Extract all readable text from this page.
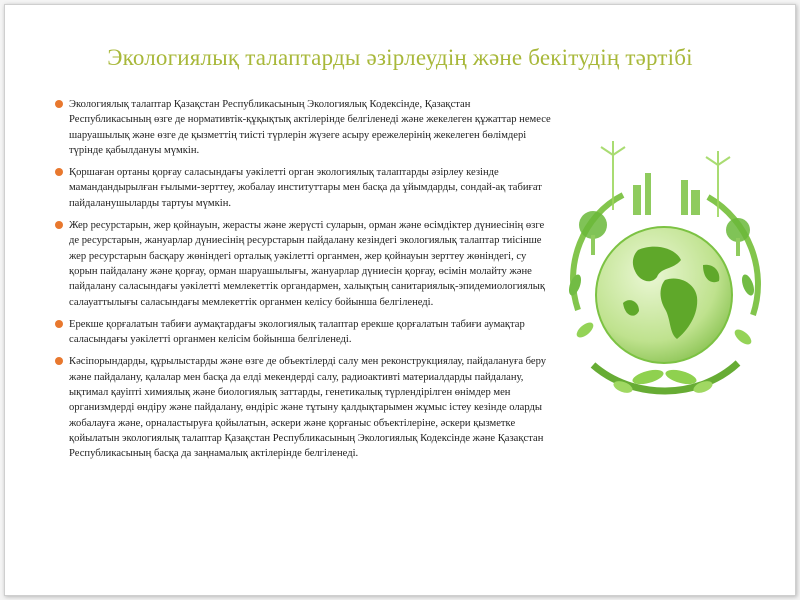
Экологиялық талаптарды әзірлеудің және бекітудің тәртібі
Экологиялық талаптар Қазақстан Республикасының Экологиялық Кодексінде, Қазақстан Республикасының өзге де нормативтік-құқықтық актілерінде белгіленеді және жекелеген құжаттар немесе шаруашылық және өзге де қызметтің тиісті түрлерін жүзеге асыру ережелерінің жекелеген бөлімдері түрінде қабылдануы мүмкін.
Қоршаған ортаны қорғау саласындағы уәкілетті орган экологиялық талаптарды әзірлеу кезінде мамандандырылған ғылыми-зерттеу, жобалау институттары мен басқа да ұйымдарды, сондай-ақ табиғат пайдаланушыларды тартуы мүмкін.
Жер ресурстарын, жер қойнауын, жерасты және жерүсті суларын, орман және өсімдіктер дүниесінің өзге де ресурстарын, жануарлар дүниесінің ресурстарын пайдалану кезіндегі экологиялық талаптар тиісінше жер ресурстарын басқару жөніндегі орталық уәкілетті органмен, жер қойнауын зерттеу жөніндегі, су қорын пайдалану және қорғау, орман шаруашылығы, жануарлар дүниесін қорғау, өсімін молайту және пайдалану саласындағы уәкілетті мемлекеттік органдармен, халықтың санитариялық-эпидемиологиялық салауаттылығы саласындағы мемлекеттік органмен келісу бойынша белгіленеді.
Ерекше қорғалатын табиғи аумақтардағы экологиялық талаптар ерекше қорғалатын табиғи аумақтар саласындағы уәкілетті органмен келісім бойынша белгіленеді.
Кәсіпорындарды, құрылыстарды және өзге де объектілерді салу мен реконструкциялау, пайдалануға беру және пайдалану, қалалар мен басқа да елді мекендерді салу, радиоактивті материалдарды пайдалану, ықтимал қауіпті химиялық және биологиялық заттарды, генетикалық түрлендірілген өнімдер мен организмдерді өндіру және пайдалану, өндіріс және тұтыну қалдықтарымен жұмыс істеу кезінде оларды жобалауға және, орналастыруға қойылатын, әскери және қорғаныс объектілеріне, әскери қызметке қойылатын экологиялық талаптар Қазақстан Республикасының Экологиялық Кодексінде және Қазақстан Республикасының басқа да заңнамалық актілерінде белгіленеді.
